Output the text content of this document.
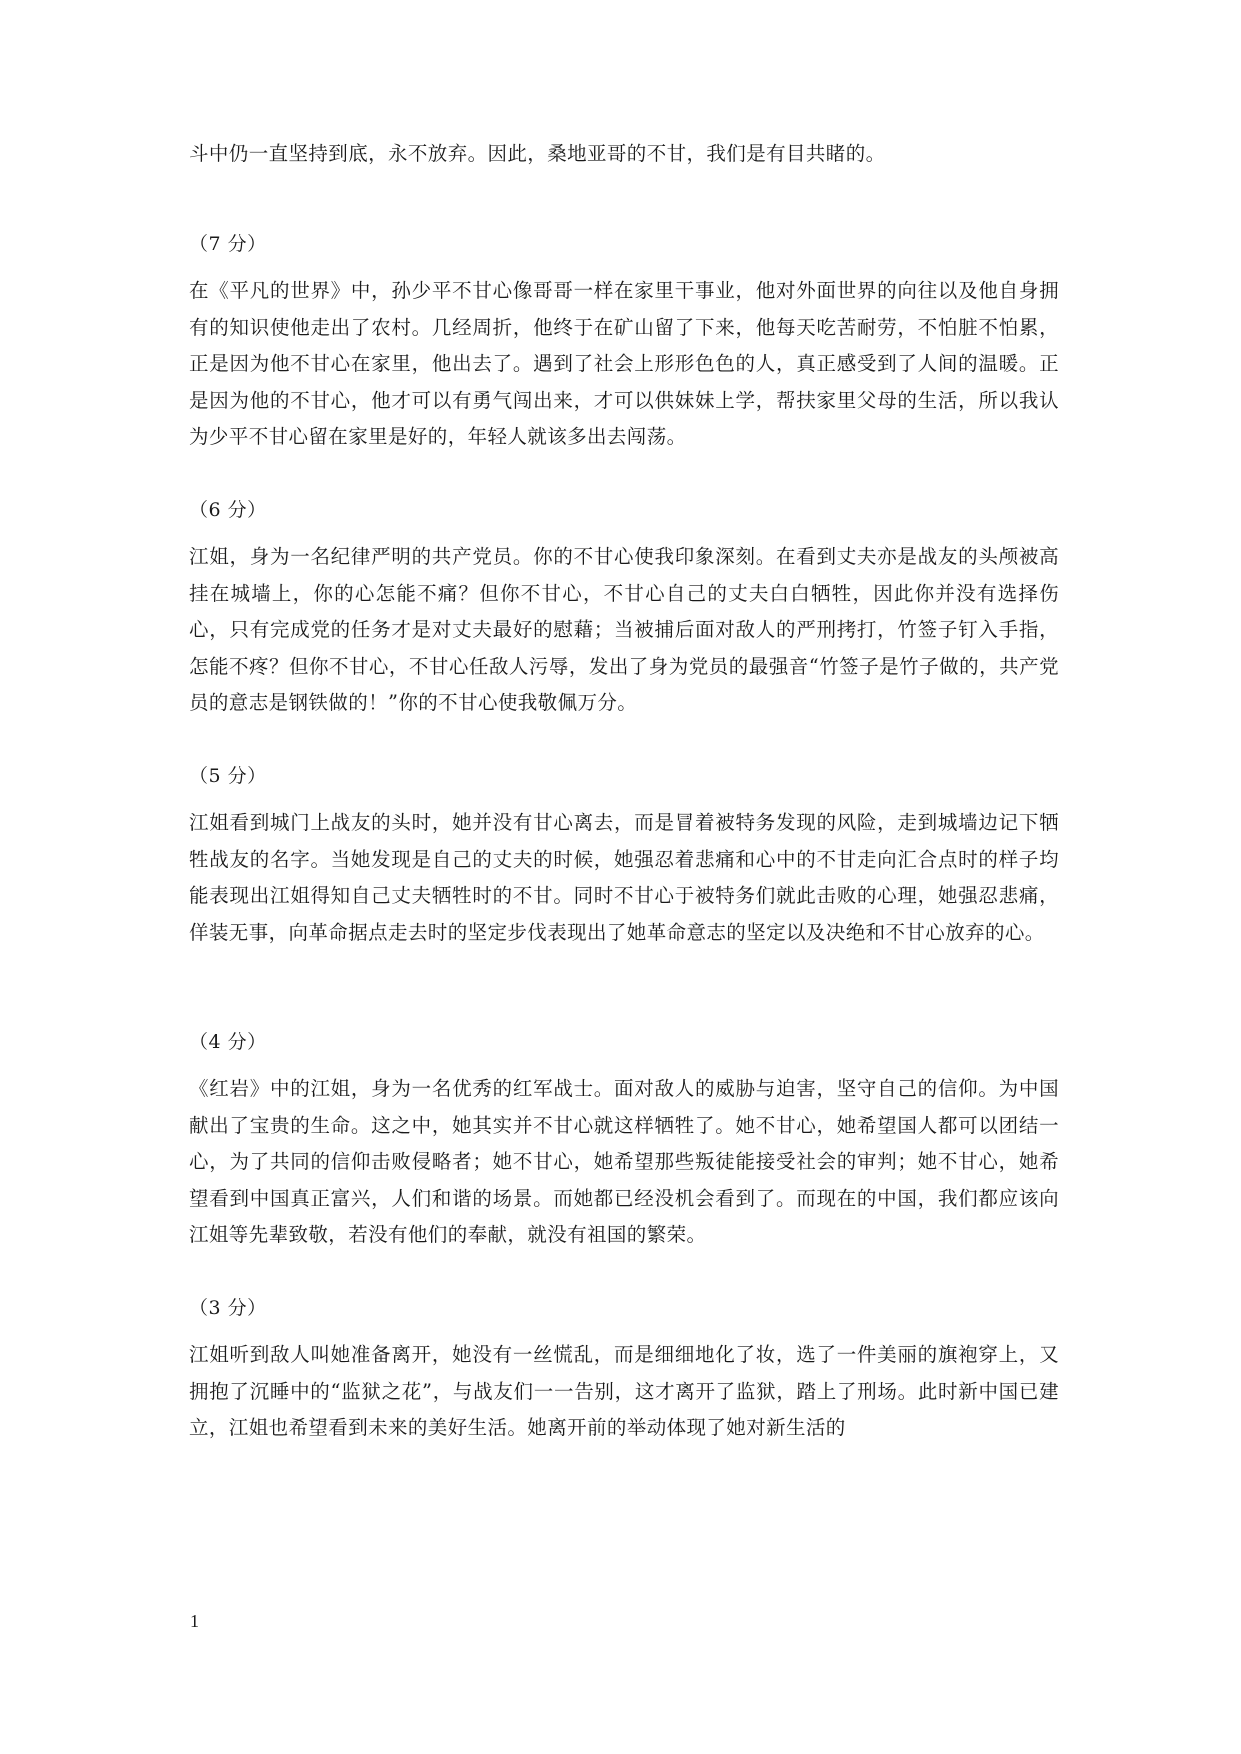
斗中仍一直坚持到底，永不放弃。因此，桑地亚哥的不甘，我们是有目共睹的。

（7 分）

在《平凡的世界》中，孙少平不甘心像哥哥一样在家里干事业，他对外面世界的向往以及他自身拥有的知识使他走出了农村。几经周折，他终于在矿山留了下来，他每天吃苦耐劳，不怕脏不怕累，正是因为他不甘心在家里，他出去了。遇到了社会上形形色色的人，真正感受到了人间的温暖。正是因为他的不甘心，他才可以有勇气闯出来，才可以供妹妹上学，帮扶家里父母的生活，所以我认为少平不甘心留在家里是好的，年轻人就该多出去闯荡。

（6 分）

江姐，身为一名纪律严明的共产党员。你的不甘心使我印象深刻。在看到丈夫亦是战友的头颅被高挂在城墙上，你的心怎能不痛？但你不甘心，不甘心自己的丈夫白白牺牲，因此你并没有选择伤心，只有完成党的任务才是对丈夫最好的慰藉；当被捕后面对敌人的严刑拷打，竹签子钉入手指，怎能不疼？但你不甘心，不甘心任敌人污辱，发出了身为党员的最强音“竹签子是竹子做的，共产党员的意志是钢铁做的！”你的不甘心使我敬佩万分。

（5 分）

江姐看到城门上战友的头时，她并没有甘心离去，而是冒着被特务发现的风险，走到城墙边记下牺牲战友的名字。当她发现是自己的丈夫的时候，她强忍着悲痛和心中的不甘走向汇合点时的样子均能表现出江姐得知自己丈夫牺牲时的不甘。同时不甘心于被特务们就此击败的心理，她强忍悲痛，佯装无事，向革命据点走去时的坚定步伐表现出了她革命意志的坚定以及决绝和不甘心放弃的心。

（4 分）

《红岩》中的江姐，身为一名优秀的红军战士。面对敌人的威胁与迫害，坚守自己的信仰。为中国献出了宝贵的生命。这之中，她其实并不甘心就这样牺牲了。她不甘心，她希望国人都可以团结一心，为了共同的信仰击败侵略者；她不甘心，她希望那些叛徒能接受社会的审判；她不甘心，她希望看到中国真正富兴，人们和谐的场景。而她都已经没机会看到了。而现在的中国，我们都应该向江姐等先辈致敬，若没有他们的奉献，就没有祖国的繁荣。

（3 分）

江姐听到敌人叫她准备离开，她没有一丝慌乱，而是细细地化了妆，选了一件美丽的旗袍穿上，又拥抱了沉睡中的“监狱之花”，与战友们一一告别，这才离开了监狱，踏上了刑场。此时新中国已建立，江姐也希望看到未来的美好生活。她离开前的举动体现了她对新生活的

1
